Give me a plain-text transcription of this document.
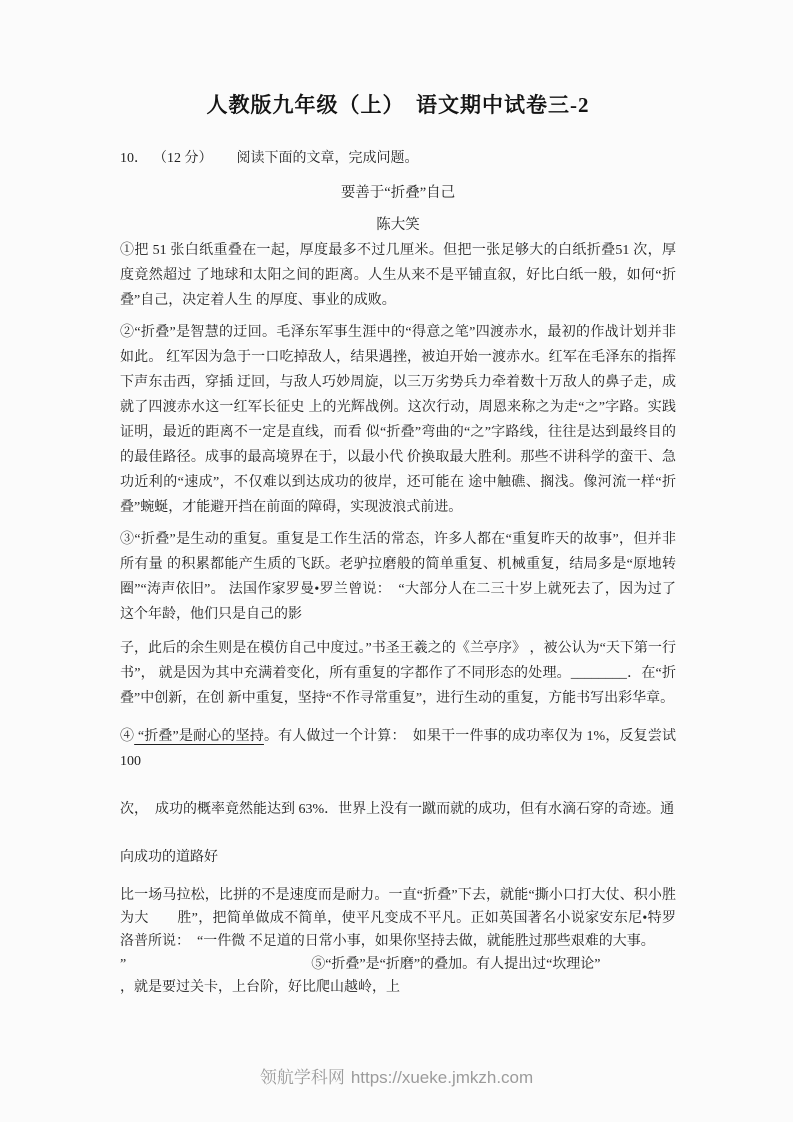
人教版九年级（上）　语文期中试卷三-2
10． （12 分） 阅读下面的文章，完成问题。
要善于“折叠”自己
陈大笑

①把 51 张白纸重叠在一起，厚度最多不过几厘米。但把一张足够大的白纸折叠51 次，厚度竟然超过 了地球和太阳之间的距离。人生从来不是平铺直叙，好比白纸一般，如何“折叠”自己，决定着人生 的厚度、事业的成败。

②“折叠”是智慧的迂回。毛泽东军事生涯中的“得意之笔”四渡赤水，最初的作战计划并非如此。 红军因为急于一口吃掉敌人，结果遇挫，被迫开始一渡赤水。红军在毛泽东的指挥下声东击西，穿插 迂回，与敌人巧妙周旋，以三万劣势兵力牵着数十万敌人的鼻子走，成就了四渡赤水这一红军长征史 上的光辉战例。这次行动，周恩来称之为走“之”字路。实践证明，最近的距离不一定是直线，而看 似“折叠”弯曲的“之”字路线，往往是达到最终目的的最佳路径。成事的最高境界在于，以最小代 价换取最大胜利。那些不讲科学的蛮干、急功近利的“速成”，不仅难以到达成功的彼岸，还可能在 途中触礁、搁浅。像河流一样“折叠”蜿蜒，才能避开挡在前面的障碍，实现波浪式前进。

③“折叠”是生动的重复。重复是工作生活的常态，许多人都在“重复昨天的故事”，但并非所有量 的积累都能产生质的飞跃。老驴拉磨般的简单重复、机械重复，结局多是“原地转圈”“涛声依旧”。 法国作家罗曼•罗兰曾说：　“大部分人在二三十岁上就死去了，因为过了这个年龄，他们只是自己的影

子，此后的余生则是在模仿自己中度过。”书圣王羲之的《兰亭序》 ，被公认为“天下第一行书”， 就是因为其中充满着变化，所有重复的字都作了不同形态的处理。________．在“折叠”中创新，在创 新中重复，坚持“不作寻常重复”，进行生动的重复，方能书写出彩华章。

④ “折叠”是耐心的坚持。有人做过一个计算：　如果干一件事的成功率仅为 1%，反复尝试 100
次，　成功的概率竟然能达到 63%．世界上没有一蹴而就的成功，但有水滴石穿的奇迹。通
向成功的道路好

比一场马拉松，比拼的不是速度而是耐力。一直“折叠”下去，就能“撕小口打大仗、积小胜为大　　胜”，把简单做成不简单，使平凡变成不平凡。正如英国著名小说家安东尼•特罗洛普所说：　“一件微 不足道的日常小事，如果你坚持去做，就能胜过那些艰难的大事。

”	⑤“折叠”是“折磨”的叠加。有人提出过“坎理论”
，就是要过关卡，上台阶，好比爬山越岭，上
领航学科网 https://xueke.jmkzh.com
